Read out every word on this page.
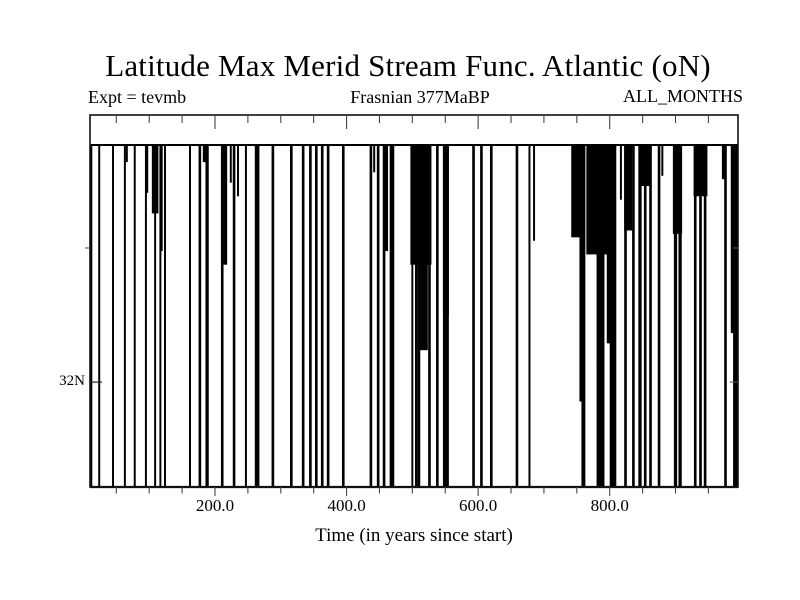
Latitude Max Merid Stream Func. Atlantic (oN)
Expt = tevmb	Frasnian 377MaBP	ALL_MONTHS
32N
200.0	400.0	600.0	800.0
Time (in years since start)
